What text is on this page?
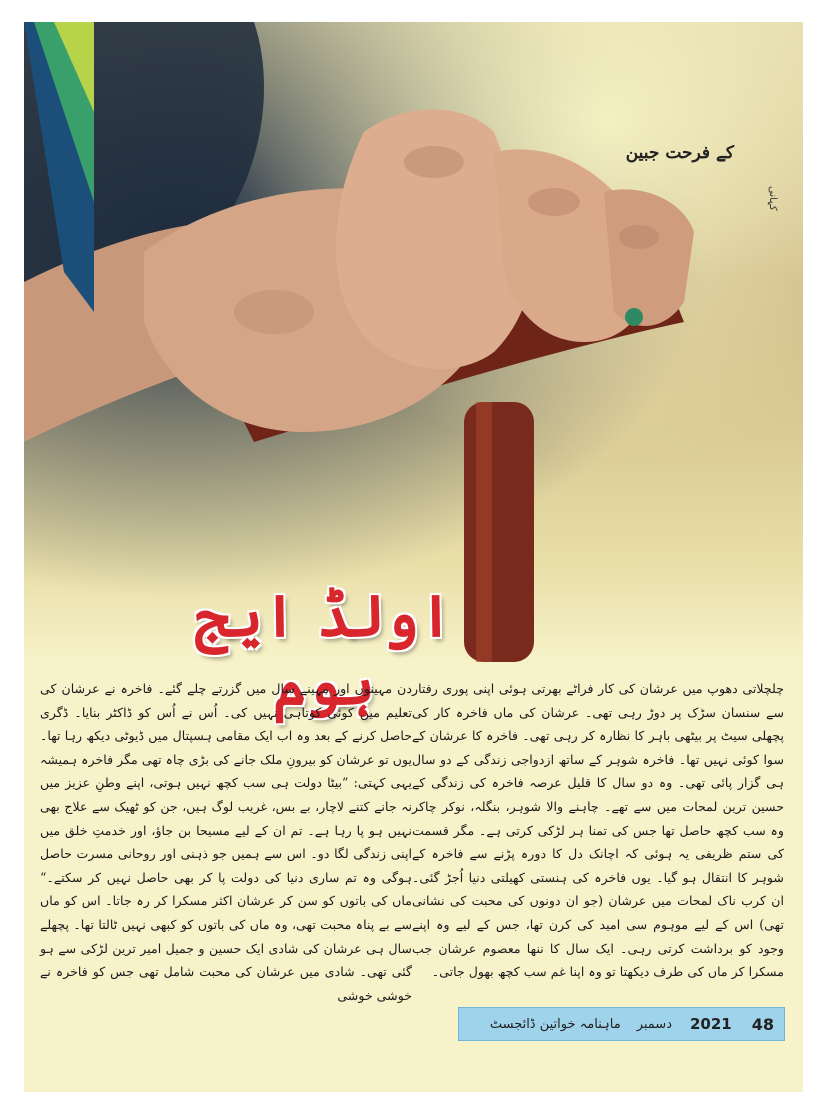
کہانی
کے فرحت جبین
اولڈ ایج ہوم	چلچلاتی دھوپ میں عرشان کی کار فراٹے بھرتی ہوئی اپنی پوری رفتار سے سنسان سڑک پر دوڑ رہی تھی۔ عرشان کی ماں فاخرہ کار کی پچھلی سیٹ پر بیٹھی باہر کا نظارہ کر رہی تھی۔ فاخرہ کا عرشان کے سوا کوئی نہیں تھا۔ فاخرہ شوہر کے ساتھ ازدواجی زندگی کے دو سال ہی گزار پائی تھی۔ وہ دو سال کا قلیل عرصہ فاخرہ کی زندگی کے حسین ترین لمحات میں سے تھے۔ چاہنے والا شوہر، بنگلہ، نوکر چاکر وہ سب کچھ حاصل تھا جس کی تمنا ہر لڑکی کرتی ہے۔ مگر قسمت کی ستم ظریفی یہ ہوئی کہ اچانک دل کا دورہ پڑنے سے فاخرہ کے شوہر کا انتقال ہو گیا۔ یوں فاخرہ کی ہنستی کھیلتی دنیا اُجڑ گئی۔ ان کرب ناک لمحات میں عرشان (جو ان دونوں کی محبت کی نشانی تھی) اس کے لیے موہوم سی امید کی کرن تھا، جس کے لیے وہ اپنے وجود کو برداشت کرتی رہی۔ ایک سال کا ننھا معصوم عرشان جب مسکرا کر ماں کی طرف دیکھتا تو وہ اپنا غم سب کچھ بھول جاتی۔

دن مہینوں اور مہینے سال میں گزرتے چلے گئے۔ فاخرہ نے عرشان کی تعلیم میں کوئی کوتاہی نہیں کی۔ اُس نے اُس کو ڈاکٹر بنایا۔ ڈگری حاصل کرنے کے بعد وہ اب ایک مقامی ہسپتال میں ڈیوٹی دیکھ رہا تھا۔ یوں تو عرشان کو بیرونِ ملک جانے کی بڑی چاہ تھی مگر فاخرہ ہمیشہ یہی کہتی: ”بیٹا دولت ہی سب کچھ نہیں ہوتی، اپنے وطنِ عزیز میں نہ جانے کتنے لاچار، بے بس، غریب لوگ ہیں، جن کو ٹھیک سے علاج بھی نہیں ہو پا رہا ہے۔ تم ان کے لیے مسیحا بن جاؤ، اور خدمتِ خلق میں اپنی زندگی لگا دو۔ اس سے ہمیں جو ذہنی اور روحانی مسرت حاصل ہوگی وہ تم ساری دنیا کی دولت پا کر بھی حاصل نہیں کر سکتے۔“ ماں کی باتوں کو سن کر عرشان اکثر مسکرا کر رہ جاتا۔ اس کو ماں سے بے پناہ محبت تھی، وہ ماں کی باتوں کو کبھی نہیں ٹالتا تھا۔ پچھلے سال ہی عرشان کی شادی ایک حسین و جمیل امیر ترین لڑکی سے ہو گئی تھی۔ شادی میں عرشان کی محبت شامل تھی جس کو فاخرہ نے خوشی خوشی

48
2021
دسمبر
ماہنامہ خواتین ڈائجسٹ
